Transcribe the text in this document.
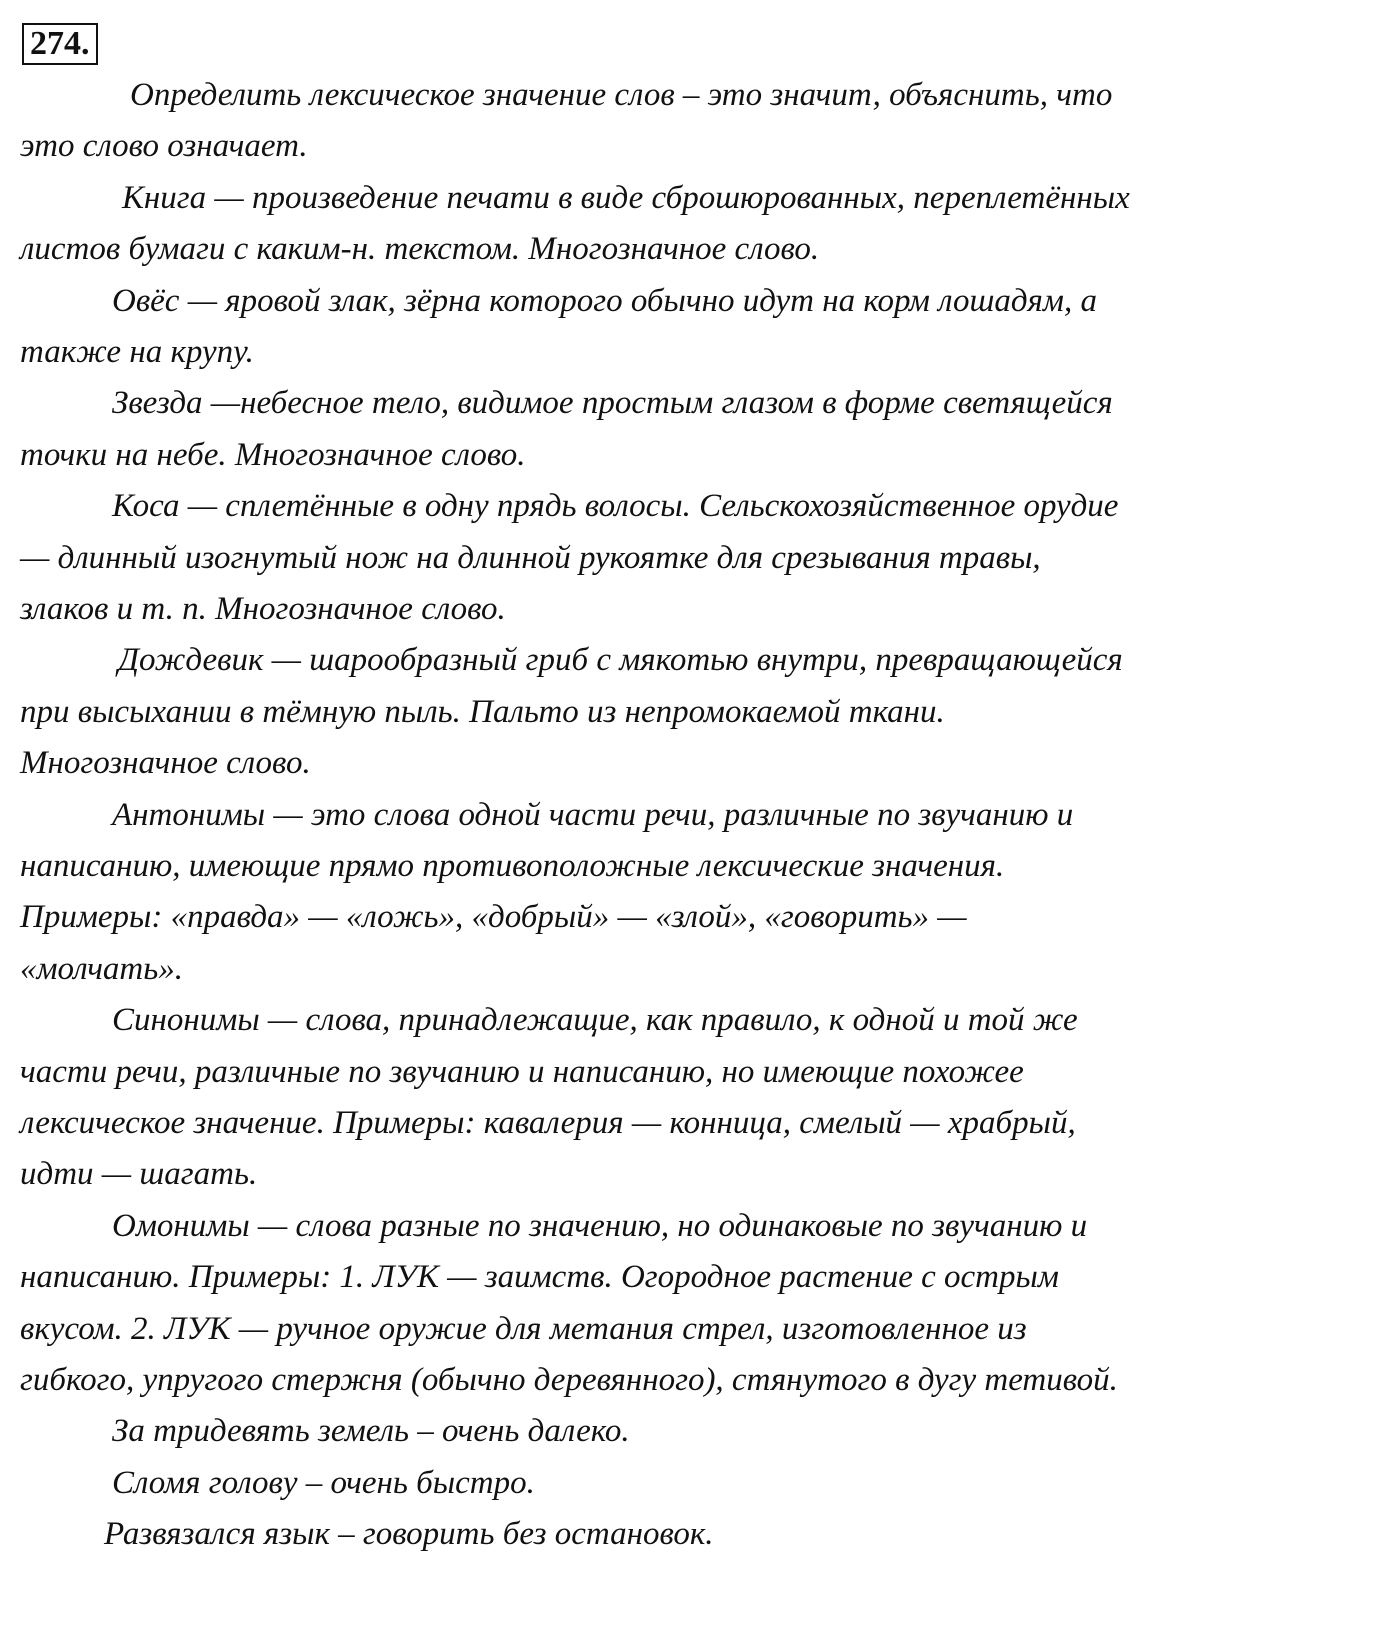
274.
Определить лексическое значение слов – это значит, объяснить, что
это слово означает.
Книга — произведение печати в виде сброшюрованных, переплетённых
листов бумаги с каким-н. текстом. Многозначное слово.
Овёс — яровой злак, зёрна которого обычно идут на корм лошадям, а
также на крупу.
Звезда —небесное тело, видимое простым глазом в форме светящейся
точки на небе. Многозначное слово.
Коса — сплетённые в одну прядь волосы. Сельскохозяйственное орудие
— длинный изогнутый нож на длинной рукоятке для срезывания травы,
злаков и т. п. Многозначное слово.
Дождевик — шарообразный гриб с мякотью внутри, превращающейся
при высыхании в тёмную пыль. Пальто из непромокаемой ткани.
Многозначное слово.
Антонимы — это слова одной части речи, различные по звучанию и
написанию, имеющие прямо противоположные лексические значения.
Примеры: «правда» — «ложь», «добрый» — «злой», «говорить» —
«молчать».
Синонимы — слова, принадлежащие, как правило, к одной и той же
части речи, различные по звучанию и написанию, но имеющие похожее
лексическое значение. Примеры: кавалерия — конница, смелый — храбрый,
идти — шагать.
Омонимы — слова разные по значению, но одинаковые по звучанию и
написанию. Примеры: 1. ЛУК — заимств. Огородное растение с острым
вкусом. 2. ЛУК — ручное оружие для метания стрел, изготовленное из
гибкого, упругого стержня (обычно деревянного), стянутого в дугу тетивой.
За тридевять земель – очень далеко.
Сломя голову – очень быстро.
Развязался язык – говорить без остановок.
